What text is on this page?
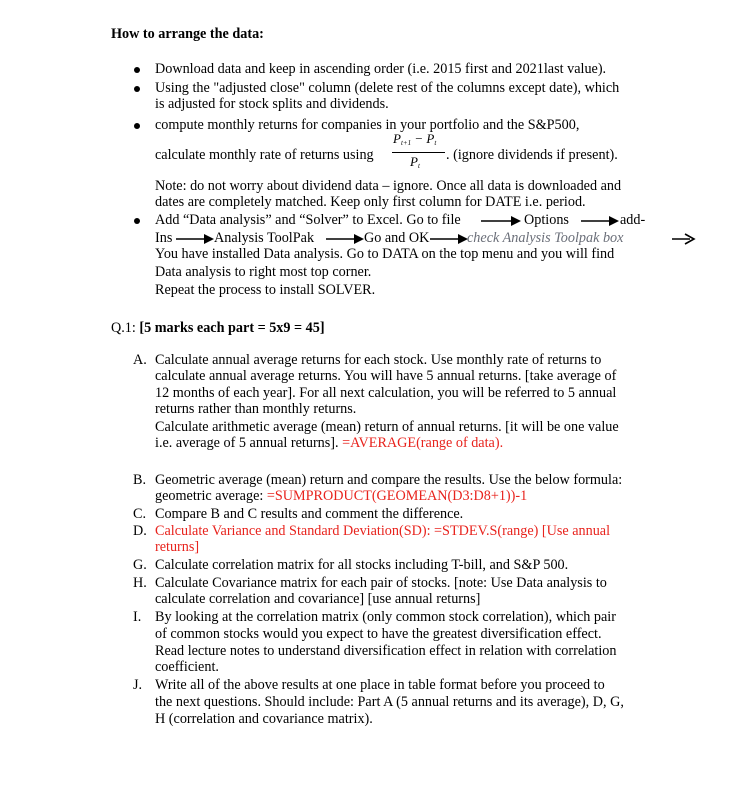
How to arrange the data:
Download data and keep in ascending order (i.e. 2015 first and 2021last value).
Using the "adjusted close" column (delete rest of the columns except date), which
is adjusted for stock splits and dividends.
compute monthly returns for companies in your portfolio and the S&P500,
calculate monthly rate of returns using
$P_{t+1} - P_t$
$P_t$
. (ignore dividends if present).
Note: do not worry about dividend data – ignore. Once all data is downloaded and
dates are completely matched. Keep only first column for DATE i.e. period.
Add “Data analysis” and “Solver” to Excel. Go to file	Options	add-
Ins	Analysis ToolPak	Go and OK	check Analysis Toolpak box
You have installed Data analysis. Go to DATA on the top menu and you will find
Data analysis to right most top corner.
Repeat the process to install SOLVER.
Q.1: [5 marks each part = 5x9 = 45]
A. Calculate annual average returns for each stock. Use monthly rate of returns to
calculate annual average returns. You will have 5 annual returns. [take average of
12 months of each year]. For all next calculation, you will be referred to 5 annual
returns rather than monthly returns.
Calculate arithmetic average (mean) return of annual returns. [it will be one value
i.e. average of 5 annual returns]. =AVERAGE(range of data).
B. Geometric average (mean) return and compare the results. Use the below formula:
geometric average: =SUMPRODUCT(GEOMEAN(D3:D8+1))-1
C. Compare B and C results and comment the difference.
D. Calculate Variance and Standard Deviation(SD): =STDEV.S(range) [Use annual
returns]
G. Calculate correlation matrix for all stocks including T-bill, and S&P 500.
H. Calculate Covariance matrix for each pair of stocks. [note: Use Data analysis to
calculate correlation and covariance] [use annual returns]
I. By looking at the correlation matrix (only common stock correlation), which pair
of common stocks would you expect to have the greatest diversification effect.
Read lecture notes to understand diversification effect in relation with correlation
coefficient.
J. Write all of the above results at one place in table format before you proceed to
the next questions. Should include: Part A (5 annual returns and its average), D, G,
H (correlation and covariance matrix).
